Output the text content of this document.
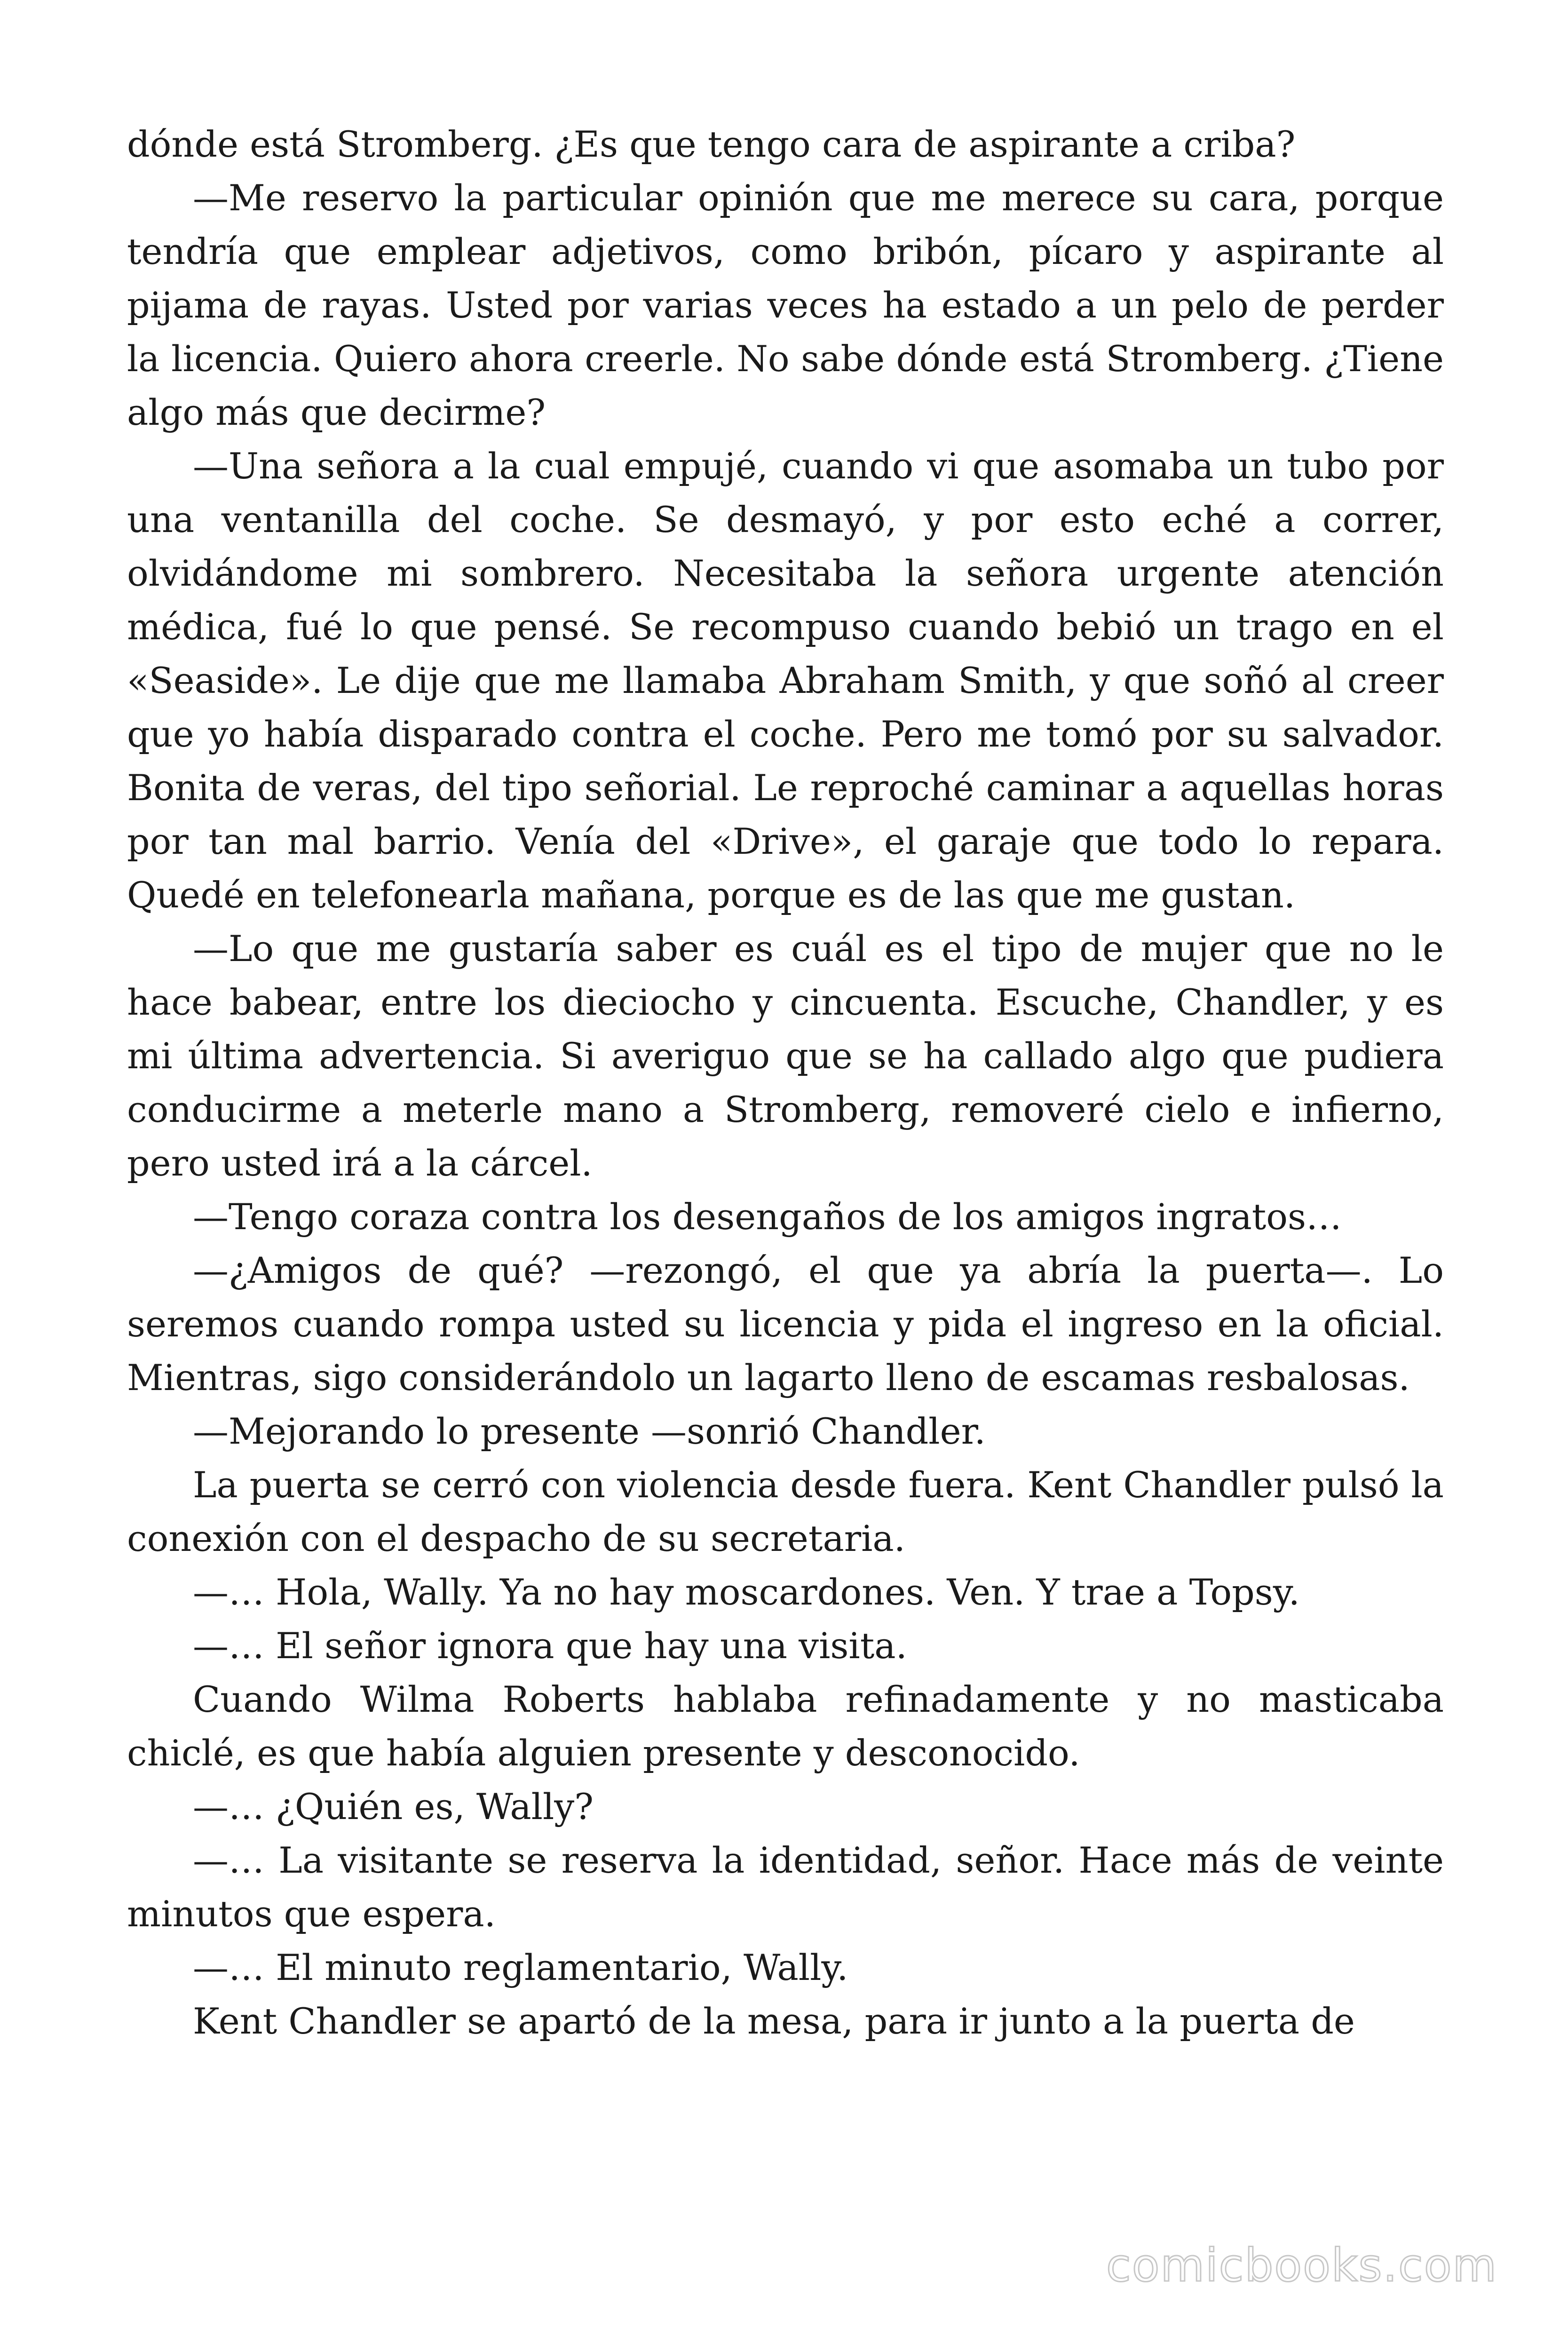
dónde está Stromberg. ¿Es que tengo cara de aspirante a criba?

—Me reservo la particular opinión que me merece su cara, porque tendría que emplear adjetivos, como bribón, pícaro y aspirante al pijama de rayas. Usted por varias veces ha estado a un pelo de perder la licencia. Quiero ahora creerle. No sabe dónde está Stromberg. ¿Tiene algo más que decirme?

—Una señora a la cual empujé, cuando vi que asomaba un tubo por una ventanilla del coche. Se desmayó, y por esto eché a correr, olvidándome mi sombrero. Necesitaba la señora urgente atención médica, fué lo que pensé. Se recompuso cuando bebió un trago en el «Seaside». Le dije que me llamaba Abraham Smith, y que soñó al creer que yo había disparado contra el coche. Pero me tomó por su salvador. Bonita de veras, del tipo señorial. Le reproché caminar a aquellas horas por tan mal barrio. Venía del «Drive», el garaje que todo lo repara. Quedé en telefonearla mañana, porque es de las que me gustan.

—Lo que me gustaría saber es cuál es el tipo de mujer que no le hace babear, entre los dieciocho y cincuenta. Escuche, Chandler, y es mi última advertencia. Si averiguo que se ha callado algo que pudiera conducirme a meterle mano a Stromberg, removeré cielo e infierno, pero usted irá a la cárcel.

—Tengo coraza contra los desengaños de los amigos ingratos…

—¿Amigos de qué? —rezongó, el que ya abría la puerta—. Lo seremos cuando rompa usted su licencia y pida el ingreso en la oficial. Mientras, sigo considerándolo un lagarto lleno de escamas resbalosas.

—Mejorando lo presente —sonrió Chandler.

La puerta se cerró con violencia desde fuera. Kent Chandler pulsó la conexión con el despacho de su secretaria.

—… Hola, Wally. Ya no hay moscardones. Ven. Y trae a Topsy.

—… El señor ignora que hay una visita.

Cuando Wilma Roberts hablaba refinadamente y no masticaba chiclé, es que había alguien presente y desconocido.

—… ¿Quién es, Wally?

—… La visitante se reserva la identidad, señor. Hace más de veinte minutos que espera.

—… El minuto reglamentario, Wally.

Kent Chandler se apartó de la mesa, para ir junto a la puerta de

comicbooks.com
